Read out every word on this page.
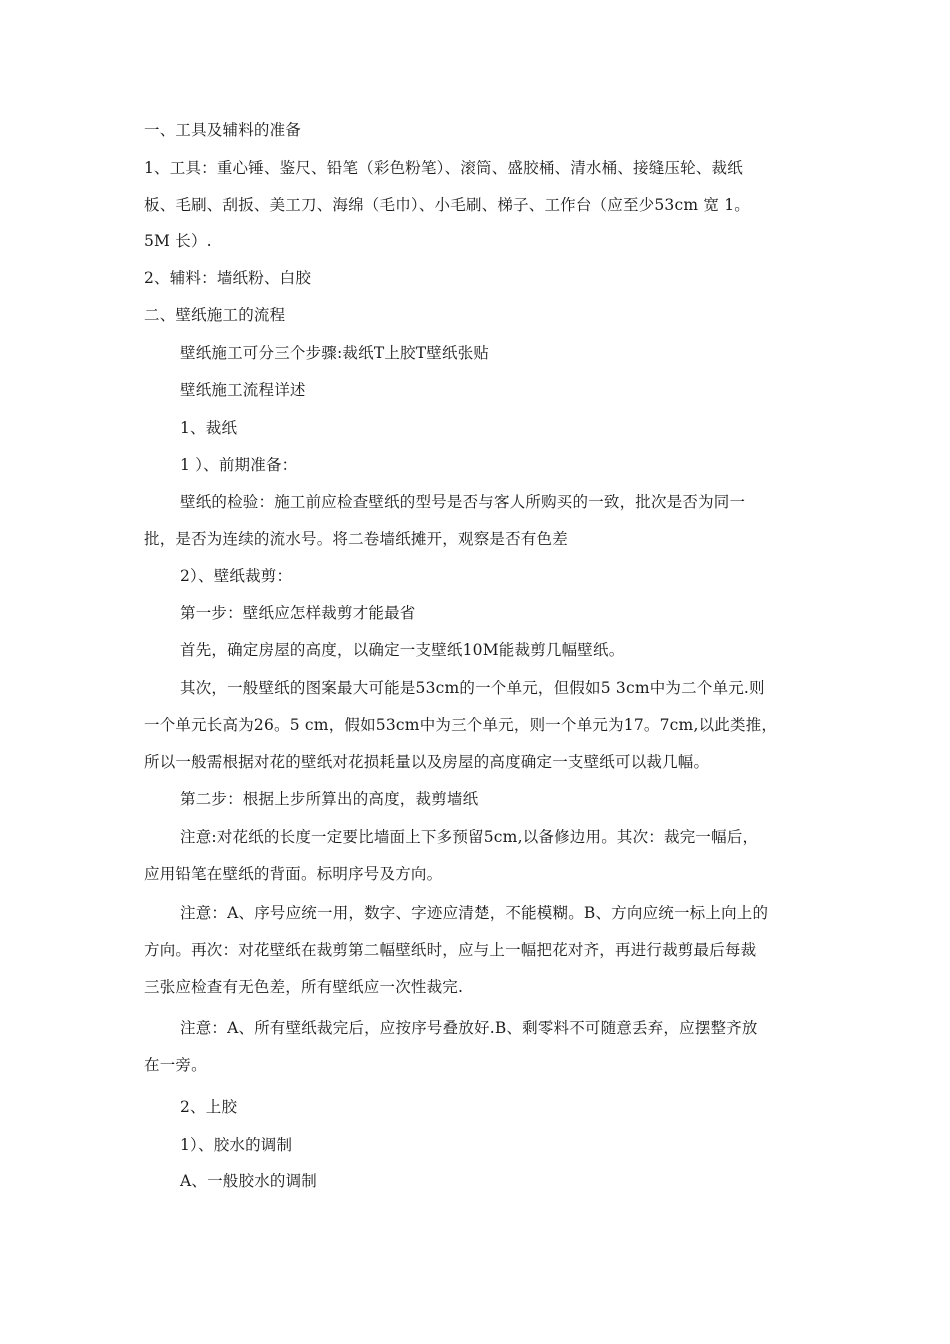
一、工具及辅料的准备
1、工具：重心锤、鉴尺、铅笔（彩色粉笔）、滚筒、盛胶桶、清水桶、接缝压轮、裁纸
板、毛刷、刮扳、美工刀、海绵（毛巾）、小毛刷、梯子、工作台（应至少53cm 宽 1。
5M 长）.
2、辅料：墙纸粉、白胶
二、壁纸施工的流程
壁纸施工可分三个步骤:裁纸T上胶T壁纸张贴
壁纸施工流程详述
1、裁纸
1 ）、前期准备：
壁纸的检验：施工前应检查壁纸的型号是否与客人所购买的一致，批次是否为同一
批，是否为连续的流水号。将二卷墙纸摊开，观察是否有色差
2）、壁纸裁剪：
第一步：壁纸应怎样裁剪才能最省
首先，确定房屋的高度，以确定一支壁纸10M能裁剪几幅壁纸。
其次，一般壁纸的图案最大可能是53cm的一个单元，但假如5 3cm中为二个单元.则
一个单元长高为26。5 cm，假如53cm中为三个单元，则一个单元为17。7cm,以此类推，
所以一般需根据对花的壁纸对花损耗量以及房屋的高度确定一支壁纸可以裁几幅。
第二步：根据上步所算出的高度，裁剪墙纸
注意:对花纸的长度一定要比墙面上下多预留5cm,以备修边用。其次：裁完一幅后，
应用铅笔在壁纸的背面。标明序号及方向。
注意：A、序号应统一用，数字、字迹应清楚，不能模糊。B、方向应统一标上向上的
方向。再次：对花壁纸在裁剪第二幅壁纸时，应与上一幅把花对齐，再进行裁剪最后每裁
三张应检查有无色差，所有壁纸应一次性裁完.
注意：A、所有壁纸裁完后，应按序号叠放好.B、剩零料不可随意丢弃，应摆整齐放
在一旁。
2、上胶
1）、胶水的调制
A、一般胶水的调制
